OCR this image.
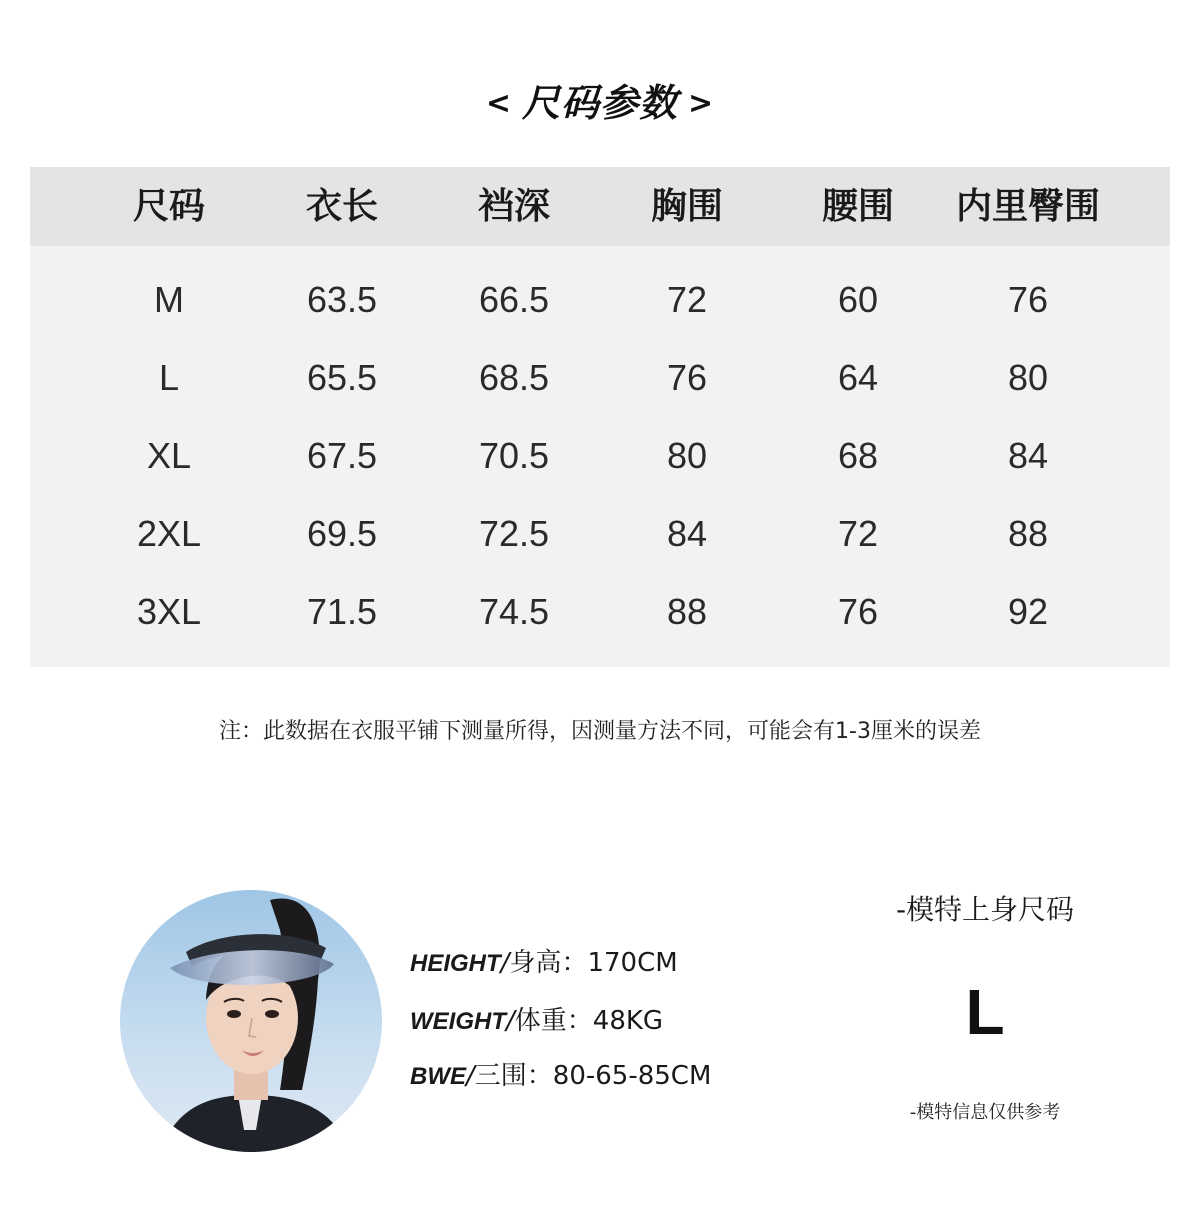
< 尺码参数 >
尺码	衣长	裆深	胸围	腰围	内里臀围
M	63.5	66.5	72	60	76
L	65.5	68.5	76	64	80
XL	67.5	70.5	80	68	84
2XL	69.5	72.5	84	72	88
3XL	71.5	74.5	88	76	92
注：此数据在衣服平铺下测量所得，因测量方法不同，可能会有1-3厘米的误差
HEIGHT/身高：170CM
WEIGHT/体重：48KG
BWE/三围：80-65-85CM
-模特上身尺码
L
-模特信息仅供参考
